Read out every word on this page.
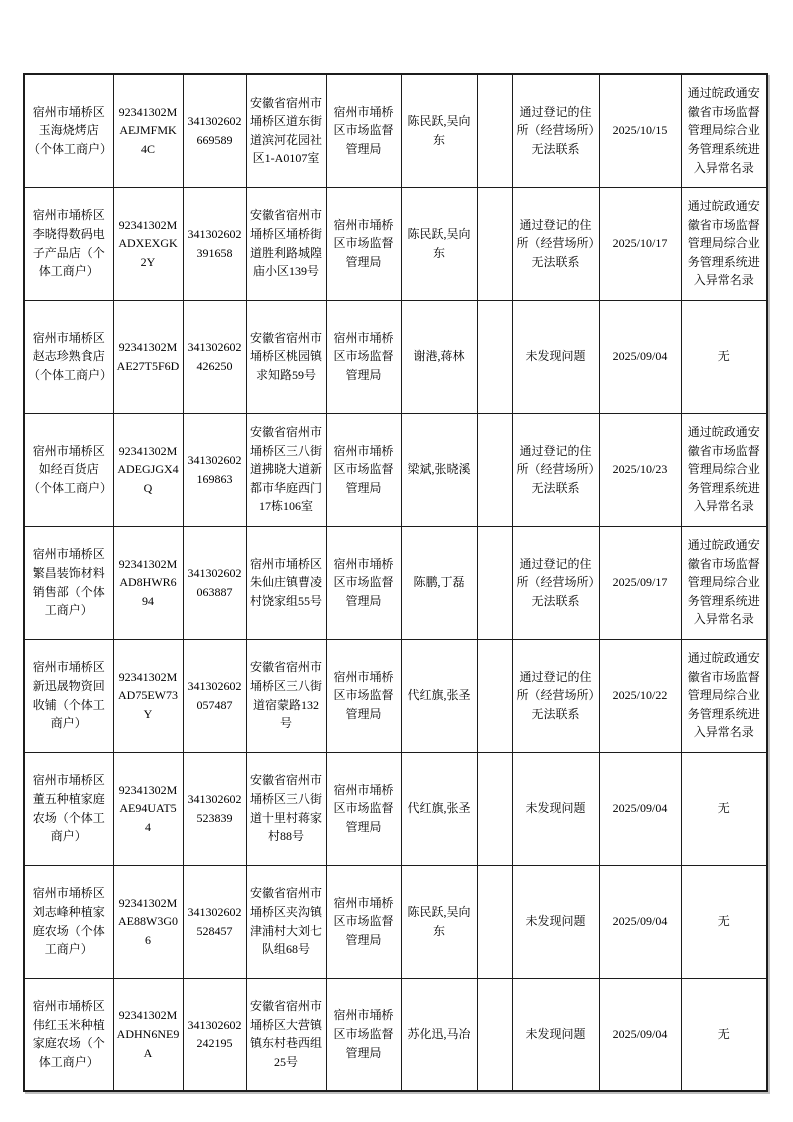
宿州市埇桥区玉海烧烤店（个体工商户）	92341302MAEJMFMK4C	341302602669589	安徽省宿州市埇桥区道东街道滨河花园社区1-A0107室	宿州市埇桥区市场监督管理局	陈民跃,吴向东		通过登记的住所（经营场所）无法联系	2025/10/15	通过皖政通安徽省市场监督管理局综合业务管理系统进入异常名录
宿州市埇桥区李晓得数码电子产品店（个体工商户）	92341302MADXEXGK2Y	341302602391658	安徽省宿州市埇桥区埇桥街道胜利路城隍庙小区139号	宿州市埇桥区市场监督管理局	陈民跃,吴向东		通过登记的住所（经营场所）无法联系	2025/10/17	通过皖政通安徽省市场监督管理局综合业务管理系统进入异常名录
宿州市埇桥区赵志珍熟食店（个体工商户）	92341302MAE27T5F6D	341302602426250	安徽省宿州市埇桥区桃园镇求知路59号	宿州市埇桥区市场监督管理局	谢港,蒋林		未发现问题	2025/09/04	无
宿州市埇桥区如经百货店（个体工商户）	92341302MADEGJGX4Q	341302602169863	安徽省宿州市埇桥区三八街道拂晓大道新都市华庭西门17栋106室	宿州市埇桥区市场监督管理局	梁斌,张晓溪		通过登记的住所（经营场所）无法联系	2025/10/23	通过皖政通安徽省市场监督管理局综合业务管理系统进入异常名录
宿州市埇桥区繁昌装饰材料销售部（个体工商户）	92341302MAD8HWR694	341302602063887	宿州市埇桥区朱仙庄镇曹凌村饶家组55号	宿州市埇桥区市场监督管理局	陈鹏,丁磊		通过登记的住所（经营场所）无法联系	2025/09/17	通过皖政通安徽省市场监督管理局综合业务管理系统进入异常名录
宿州市埇桥区新迅晟物资回收铺（个体工商户）	92341302MAD75EW73Y	341302602057487	安徽省宿州市埇桥区三八街道宿蒙路132号	宿州市埇桥区市场监督管理局	代红旗,张圣		通过登记的住所（经营场所）无法联系	2025/10/22	通过皖政通安徽省市场监督管理局综合业务管理系统进入异常名录
宿州市埇桥区董五种植家庭农场（个体工商户）	92341302MAE94UAT54	341302602523839	安徽省宿州市埇桥区三八街道十里村蒋家村88号	宿州市埇桥区市场监督管理局	代红旗,张圣		未发现问题	2025/09/04	无
宿州市埇桥区刘志峰种植家庭农场（个体工商户）	92341302MAE88W3G06	341302602528457	安徽省宿州市埇桥区夹沟镇津浦村大刘七队组68号	宿州市埇桥区市场监督管理局	陈民跃,吴向东		未发现问题	2025/09/04	无
宿州市埇桥区伟红玉米种植家庭农场（个体工商户）	92341302MADHN6NE9A	341302602242195	安徽省宿州市埇桥区大营镇镇东村巷西组25号	宿州市埇桥区市场监督管理局	苏化迅,马冶		未发现问题	2025/09/04	无
